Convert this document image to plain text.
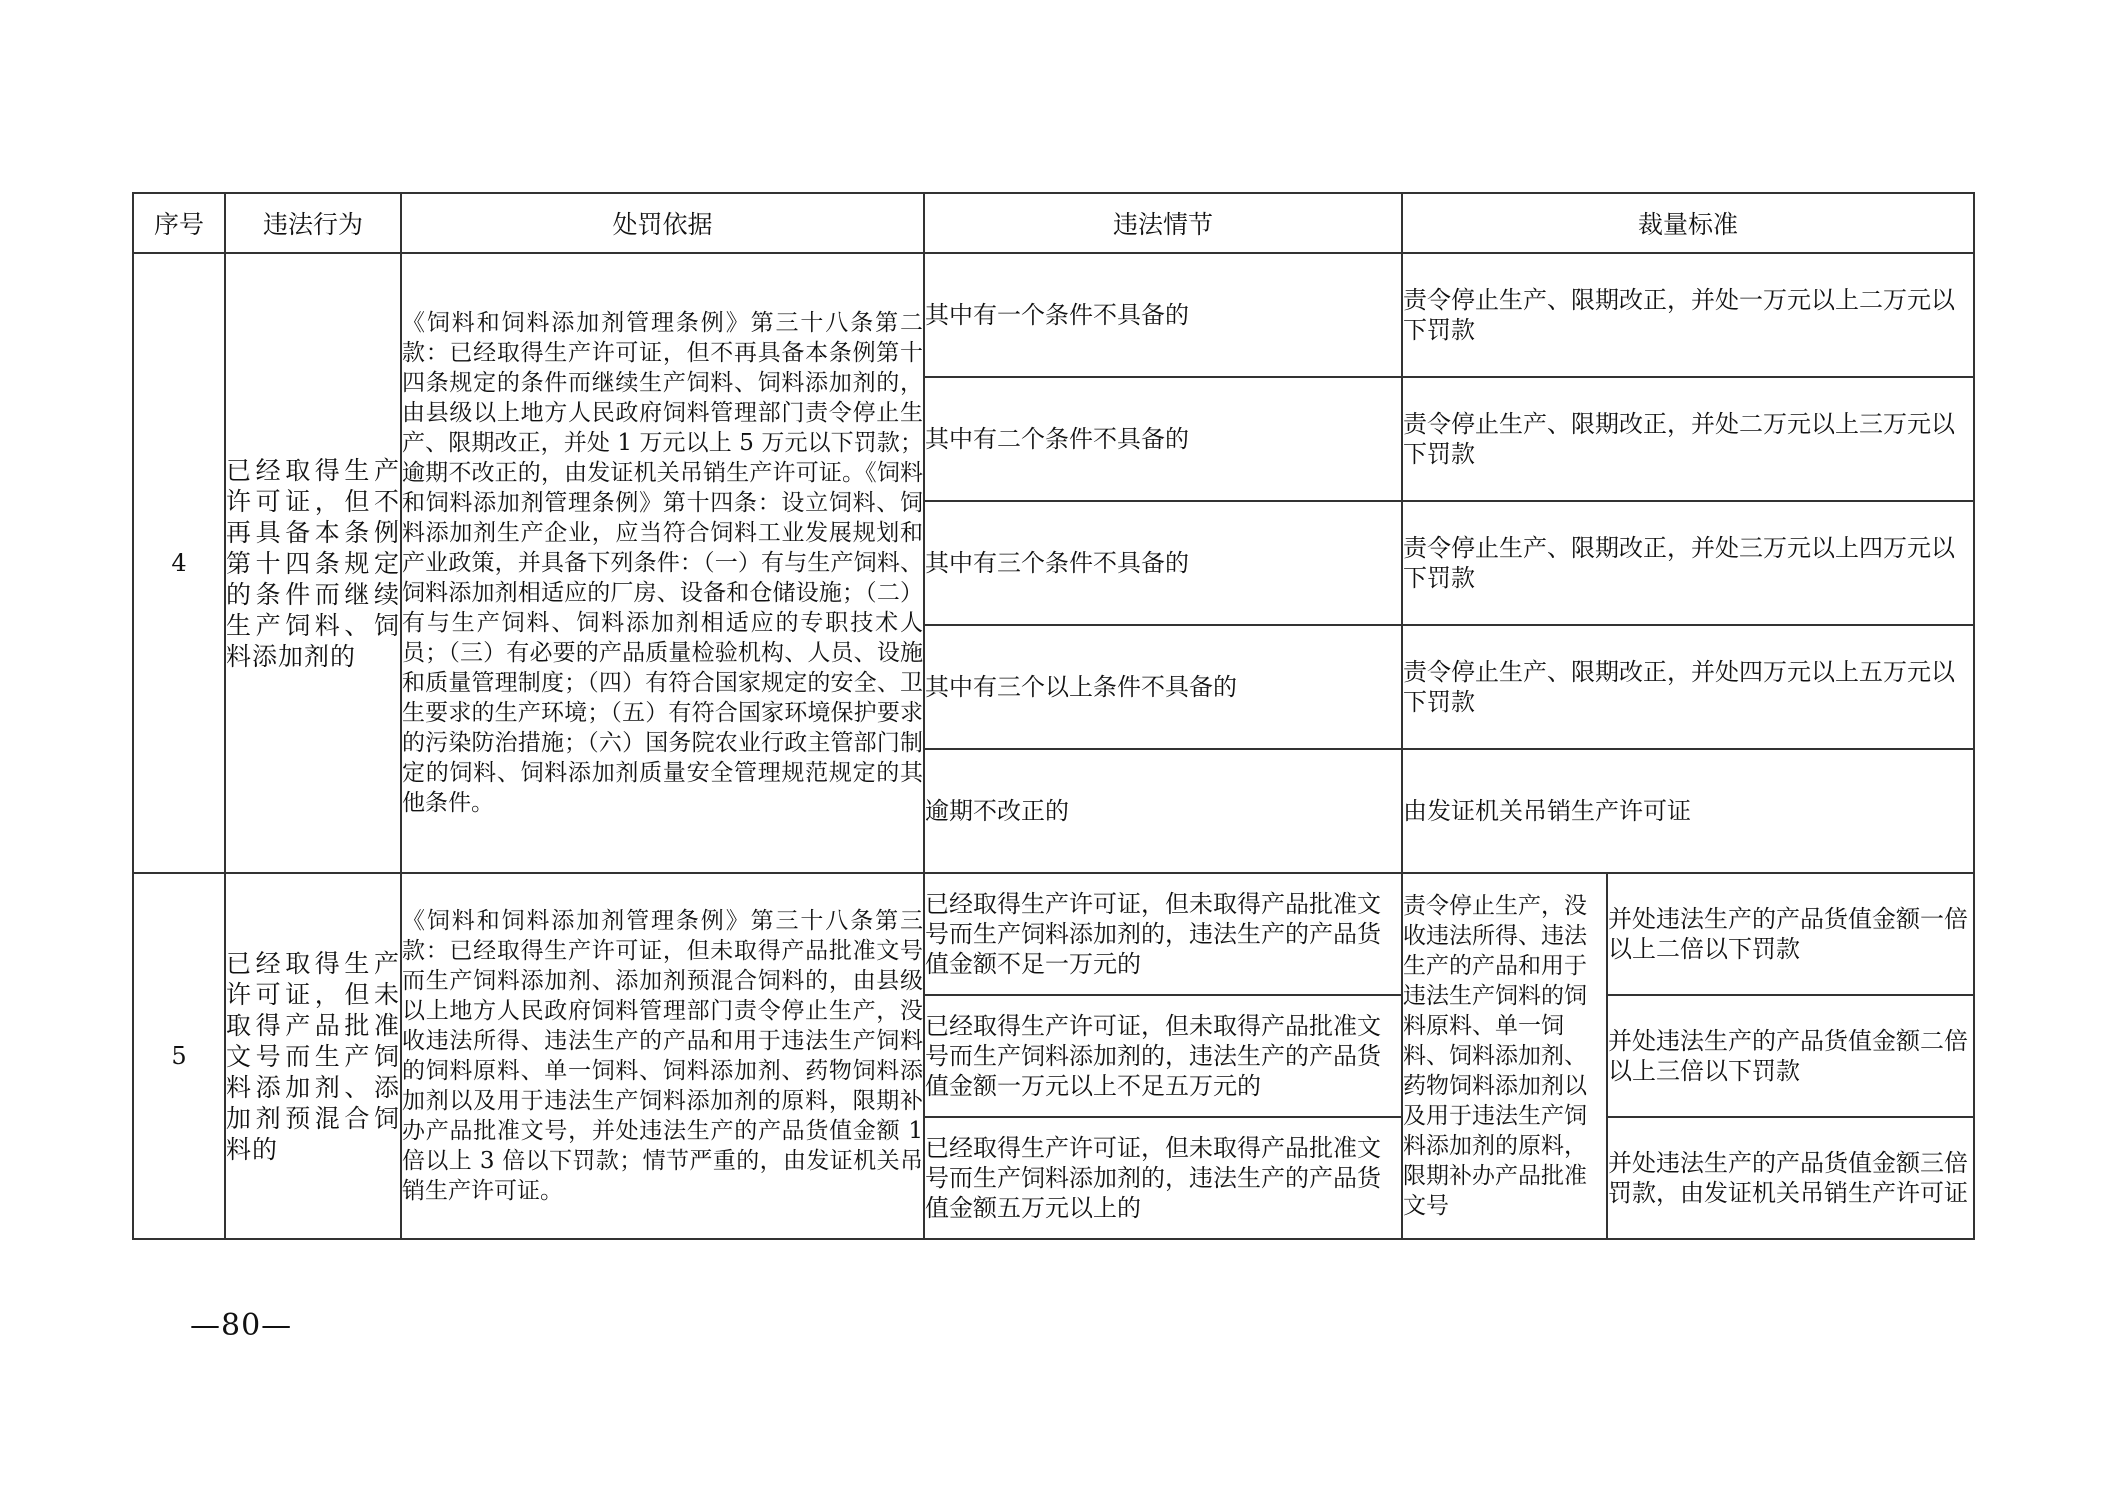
序号	违法行为	处罚依据	违法情节	裁量标准	
4	已经取得生产许可证，但不再具备本条例第十四条规定的条件而继续生产饲料、饲料添加剂的	《饲料和饲料添加剂管理条例》第三十八条第二款：已经取得生产许可证，但不再具备本条例第十四条规定的条件而继续生产饲料、饲料添加剂的，由县级以上地方人民政府饲料管理部门责令停止生产、限期改正，并处 1 万元以上 5 万元以下罚款；逾期不改正的，由发证机关吊销生产许可证。《饲料和饲料添加剂管理条例》第十四条：设立饲料、饲料添加剂生产企业，应当符合饲料工业发展规划和产业政策，并具备下列条件：（一）有与生产饲料、饲料添加剂相适应的厂房、设备和仓储设施；（二）有与生产饲料、饲料添加剂相适应的专职技术人员；（三）有必要的产品质量检验机构、人员、设施和质量管理制度；（四）有符合国家规定的安全、卫生要求的生产环境；（五）有符合国家环境保护要求的污染防治措施；（六）国务院农业行政主管部门制定的饲料、饲料添加剂质量安全管理规范规定的其他条件。	其中有一个条件不具备的	责令停止生产、限期改正，并处一万元以上二万元以下罚款	
			其中有二个条件不具备的	责令停止生产、限期改正，并处二万元以上三万元以下罚款	
			其中有三个条件不具备的	责令停止生产、限期改正，并处三万元以上四万元以下罚款	
			其中有三个以上条件不具备的	责令停止生产、限期改正，并处四万元以上五万元以下罚款	
			逾期不改正的	由发证机关吊销生产许可证	
5	已经取得生产许可证，但未取得产品批准文号而生产饲料添加剂、添加剂预混合饲料的	《饲料和饲料添加剂管理条例》第三十八条第三款：已经取得生产许可证，但未取得产品批准文号而生产饲料添加剂、添加剂预混合饲料的，由县级以上地方人民政府饲料管理部门责令停止生产，没收违法所得、违法生产的产品和用于违法生产饲料的饲料原料、单一饲料、饲料添加剂、药物饲料添加剂以及用于违法生产饲料添加剂的原料，限期补办产品批准文号，并处违法生产的产品货值金额 1 倍以上 3 倍以下罚款；情节严重的，由发证机关吊销生产许可证。	已经取得生产许可证，但未取得产品批准文号而生产饲料添加剂的，违法生产的产品货值金额不足一万元的	责令停止生产，没收违法所得、违法生产的产品和用于违法生产饲料的饲料原料、单一饲料、饲料添加剂、药物饲料添加剂以及用于违法生产饲料添加剂的原料，限期补办产品批准文号	并处违法生产的产品货值金额一倍以上二倍以下罚款
			已经取得生产许可证，但未取得产品批准文号而生产饲料添加剂的，违法生产的产品货值金额一万元以上不足五万元的		并处违法生产的产品货值金额二倍以上三倍以下罚款
			已经取得生产许可证，但未取得产品批准文号而生产饲料添加剂的，违法生产的产品货值金额五万元以上的		并处违法生产的产品货值金额三倍罚款，由发证机关吊销生产许可证
—80—
